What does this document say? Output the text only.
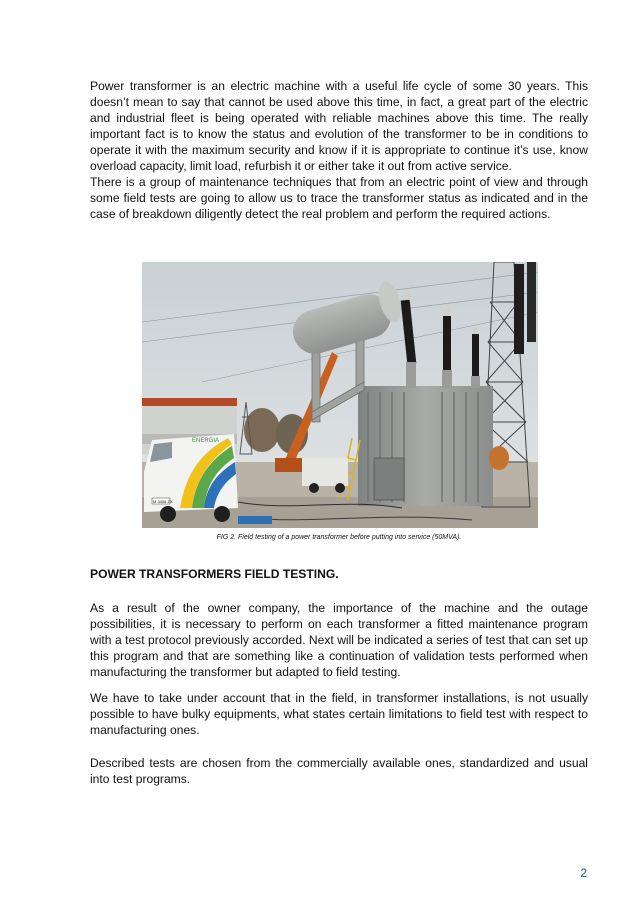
Power transformer is an electric machine with a useful life cycle of some 30 years. This doesn’t mean to say that cannot be used above this time, in fact, a great part of the electric and industrial fleet is being operated with reliable machines above this time. The really important fact is to know the status and evolution of the transformer to be in conditions to operate it with the maximum security and know if it is appropriate to continue it’s use, know overload capacity, limit load, refurbish it or either take it out from active service.

There is a group of maintenance techniques that from an electric point of view and through some field tests are going to allow us to trace the transformer status as indicated and in the case of breakdown diligently detect the real problem and perform the required actions.

ENERGIA
M 3456 ZX
FIG 2. Field testing of a power transformer before putting into service (50MVA).
POWER TRANSFORMERS FIELD TESTING.

As a result of the owner company, the importance of the machine and the outage possibilities, it is necessary to perform on each transformer a fitted maintenance program with a test protocol previously accorded. Next will be indicated a series of test that can set up this program and that are something like a continuation of validation tests performed when manufacturing the transformer but adapted to field testing.

We have to take under account that in the field, in transformer installations, is not usually possible to have bulky equipments, what states certain limitations to field test with respect to manufacturing ones.

Described tests are chosen from the commercially available ones, standardized and usual into test programs.

2
